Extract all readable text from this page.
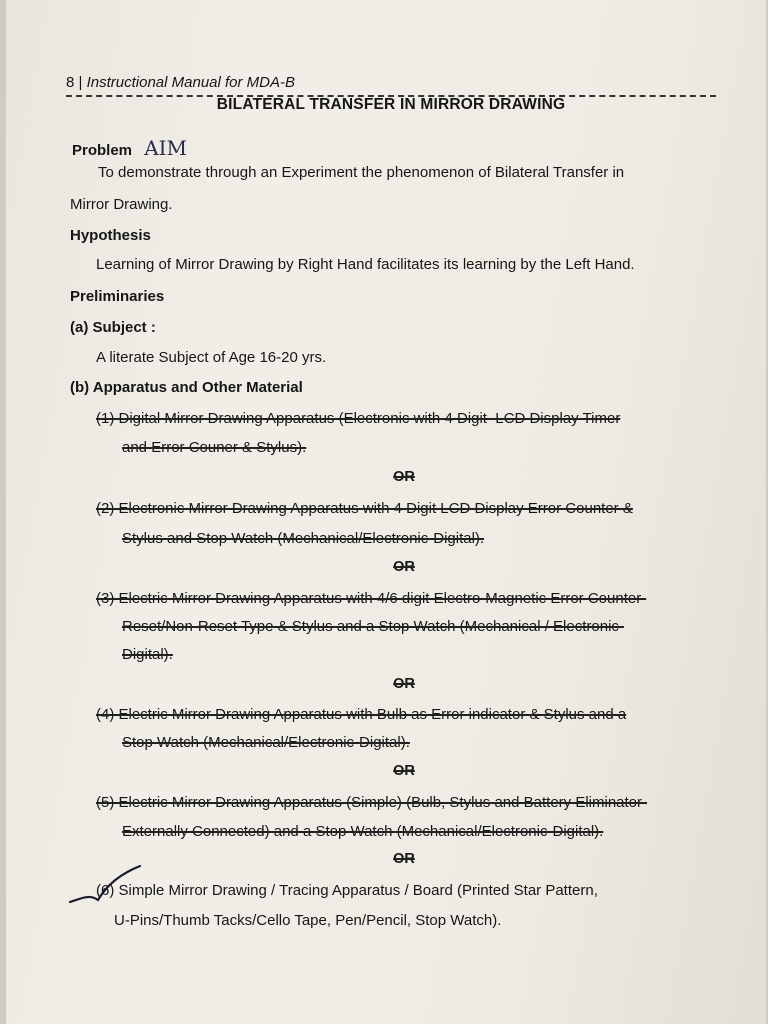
8 | Instructional Manual for MDA-B
BILATERAL TRANSFER IN MIRROR DRAWING
Problem AIM
To demonstrate through an Experiment the phenomenon of Bilateral Transfer in
Mirror Drawing.
Hypothesis
Learning of Mirror Drawing by Right Hand facilitates its learning by the Left Hand.
Preliminaries
(a) Subject :
A literate Subject of Age 16-20 yrs.
(b) Apparatus and Other Material
(1) Digital Mirror Drawing Apparatus (Electronic with 4 Digit–LCD Display Timer
and Error Couner & Stylus).
OR
(2) Electronic Mirror Drawing Apparatus with 4 Digit LCD Display Error Counter &
Stylus and Stop Watch (Mechanical/Electronic-Digital).
OR
(3) Electric Mirror Drawing Apparatus with 4/6 digit Electro-Magnetic Error Counter-
Reset/Non-Reset Type & Stylus and a Stop Watch (Mechanical / Electronic-
Digital).
OR
(4) Electric Mirror Drawing Apparatus with Bulb as Error indicator & Stylus and a
Stop Watch (Mechanical/Electronic-Digital).
OR
(5) Electric Mirror Drawing Apparatus (Simple) (Bulb, Stylus and Battery Eliminator-
Externally Connected) and a Stop Watch (Mechanical/Electronic-Digital).
OR
(6) Simple Mirror Drawing / Tracing Apparatus / Board (Printed Star Pattern,
U-Pins/Thumb Tacks/Cello Tape, Pen/Pencil, Stop Watch).
